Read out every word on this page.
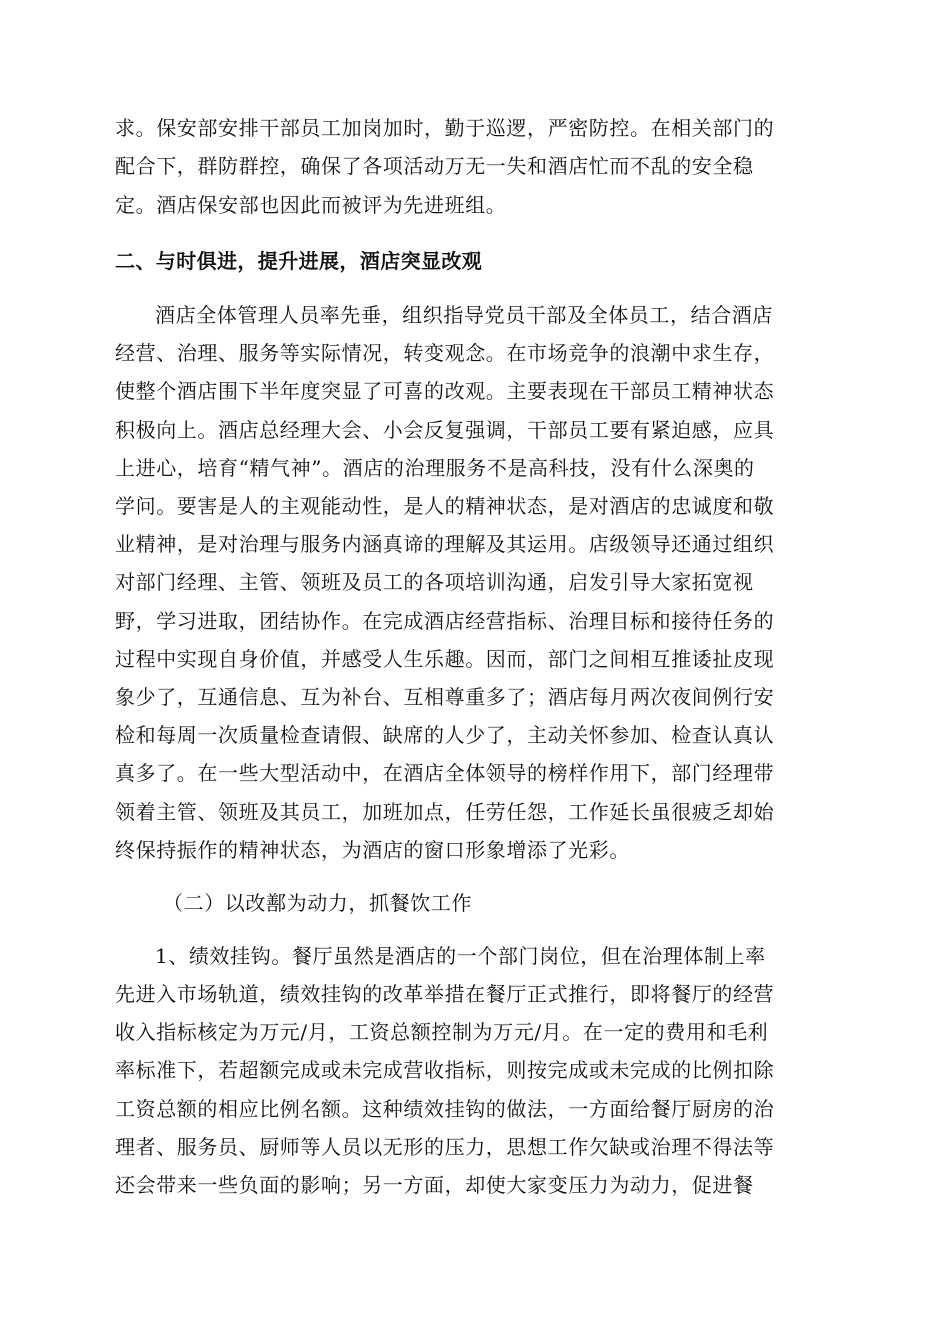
求。保安部安排干部员工加岗加时，勤于巡逻，严密防控。在相关部门的
配合下，群防群控，确保了各项活动万无一失和酒店忙而不乱的安全稳
定。酒店保安部也因此而被评为先进班组。
二、与时俱进，提升进展，酒店突显改观
酒店全体管理人员率先垂，组织指导党员干部及全体员工，结合酒店
经营、治理、服务等实际情况，转变观念。在市场竞争的浪潮中求生存，
使整个酒店围下半年度突显了可喜的改观。主要表现在干部员工精神状态
积极向上。酒店总经理大会、小会反复强调，干部员工要有紧迫感，应具
上进心，培育“精气神”。酒店的治理服务不是高科技，没有什么深奥的
学问。要害是人的主观能动性，是人的精神状态，是对酒店的忠诚度和敬
业精神，是对治理与服务内涵真谛的理解及其运用。店级领导还通过组织
对部门经理、主管、领班及员工的各项培训沟通，启发引导大家拓宽视
野，学习进取，团结协作。在完成酒店经营指标、治理目标和接待任务的
过程中实现自身价值，并感受人生乐趣。因而，部门之间相互推诿扯皮现
象少了，互通信息、互为补台、互相尊重多了；酒店每月两次夜间例行安
检和每周一次质量检查请假、缺席的人少了，主动关怀参加、检查认真认
真多了。在一些大型活动中，在酒店全体领导的榜样作用下，部门经理带
领着主管、领班及其员工，加班加点，任劳任怨，工作延长虽很疲乏却始
终保持振作的精神状态，为酒店的窗口形象增添了光彩。
（二）以改鄯为动力，抓餐饮工作
1、绩效挂钩。餐厅虽然是酒店的一个部门岗位，但在治理体制上率
先进入市场轨道，绩效挂钩的改革举措在餐厅正式推行，即将餐厅的经营
收入指标核定为万元/月，工资总额控制为万元/月。在一定的费用和毛利
率标准下，若超额完成或未完成营收指标，则按完成或未完成的比例扣除
工资总额的相应比例名额。这种绩效挂钩的做法，一方面给餐厅厨房的治
理者、服务员、厨师等人员以无形的压力，思想工作欠缺或治理不得法等
还会带来一些负面的影响；另一方面，却使大家变压力为动力，促进餐
